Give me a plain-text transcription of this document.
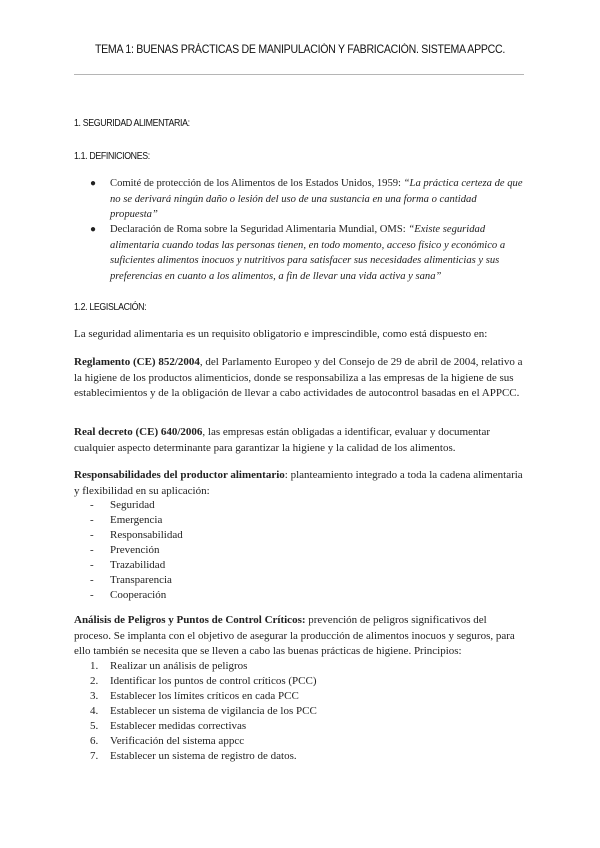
TEMA 1: BUENAS PRÁCTICAS DE MANIPULACIÓN Y FABRICACIÓN. SISTEMA APPCC.
1. SEGURIDAD ALIMENTARIA:
1.1. DEFINICIONES:
● Comité de protección de los Alimentos de los Estados Unidos, 1959: “La práctica certeza de que no se derivará ningún daño o lesión del uso de una sustancia en una forma o cantidad propuesta”
● Declaración de Roma sobre la Seguridad Alimentaria Mundial, OMS: “Existe seguridad alimentaria cuando todas las personas tienen, en todo momento, acceso físico y económico a suficientes alimentos inocuos y nutritivos para satisfacer sus necesidades alimenticias y sus preferencias en cuanto a los alimentos, a fin de llevar una vida activa y sana”
1.2. LEGISLACIÓN:

La seguridad alimentaria es un requisito obligatorio e imprescindible, como está dispuesto en:

Reglamento (CE) 852/2004, del Parlamento Europeo y del Consejo de 29 de abril de 2004, relativo a la higiene de los productos alimenticios, donde se responsabiliza a las empresas de la higiene de sus establecimientos y de la obligación de llevar a cabo actividades de autocontrol basadas en el APPCC.

Real decreto (CE) 640/2006, las empresas están obligadas a identificar, evaluar y documentar cualquier aspecto determinante para garantizar la higiene y la calidad de los alimentos.

Responsabilidades del productor alimentario: planteamiento integrado a toda la cadena alimentaria y flexibilidad en su aplicación:

- Seguridad
- Emergencia
- Responsabilidad
- Prevención
- Trazabilidad
- Transparencia
- Cooperación

Análisis de Peligros y Puntos de Control Críticos: prevención de peligros significativos del proceso. Se implanta con el objetivo de asegurar la producción de alimentos inocuos y seguros, para ello también se necesita que se lleven a cabo las buenas prácticas de higiene. Principios:

1. Realizar un análisis de peligros
2. Identificar los puntos de control críticos (PCC)
3. Establecer los límites críticos en cada PCC
4. Establecer un sistema de vigilancia de los PCC
5. Establecer medidas correctivas
6. Verificación del sistema appcc
7. Establecer un sistema de registro de datos.
